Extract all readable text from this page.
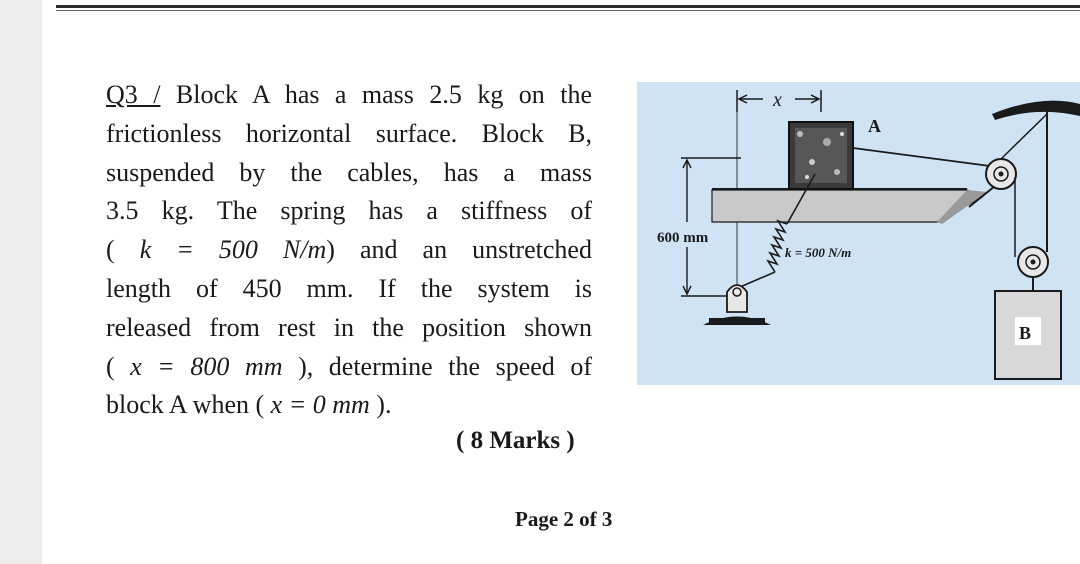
Q3 / Block A has a mass 2.5 kg on the
frictionless horizontal surface. Block B,
suspended by the cables, has a mass
3.5 kg. The spring has a stiffness of
( k = 500 N/m) and an unstretched
length of 450 mm. If the system is
released from rest in the position shown
( x = 800 mm ), determine the speed of
block A when ( x = 0 mm ).
( 8 Marks )
Page 2 of 3
x
A
B
600 mm
k = 500 N/m
